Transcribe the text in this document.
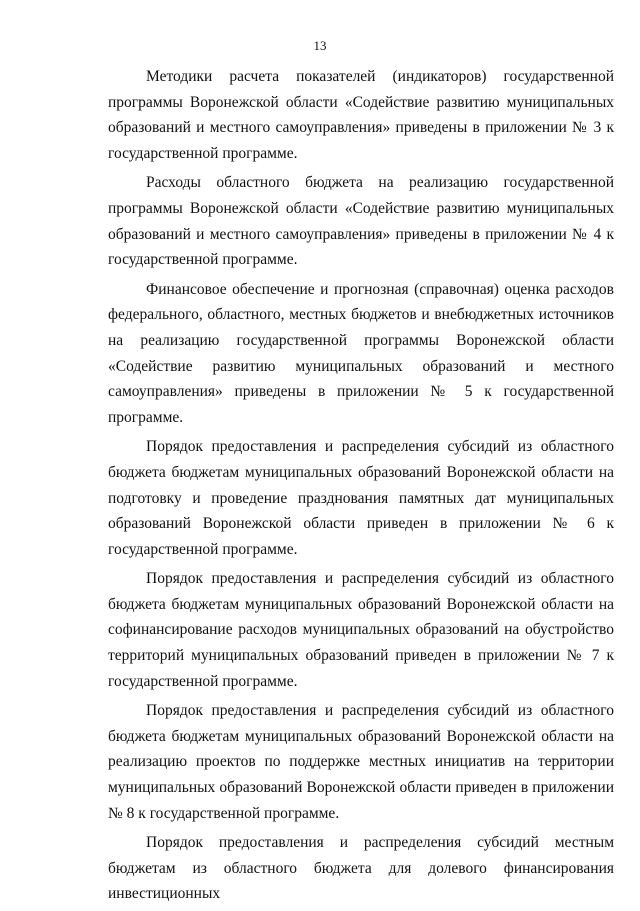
13

Методики расчета показателей (индикаторов) государственной программы Воронежской области «Содействие развитию муниципальных образований и местного самоуправления» приведены в приложении № 3 к государственной программе.

Расходы областного бюджета на реализацию государственной программы Воронежской области «Содействие развитию муниципальных образований и местного самоуправления» приведены в приложении № 4 к государственной программе.

Финансовое обеспечение и прогнозная (справочная) оценка расходов федерального, областного, местных бюджетов и внебюджетных источников на реализацию государственной программы Воронежской области «Содействие развитию муниципальных образований и местного самоуправления» приведены в приложении № 5 к государственной программе.

Порядок предоставления и распределения субсидий из областного бюджета бюджетам муниципальных образований Воронежской области на подготовку и проведение празднования памятных дат муниципальных образований Воронежской области приведен в приложении № 6 к государственной программе.

Порядок предоставления и распределения субсидий из областного бюджета бюджетам муниципальных образований Воронежской области на софинансирование расходов муниципальных образований на обустройство территорий муниципальных образований приведен в приложении № 7 к государственной программе.

Порядок предоставления и распределения субсидий из областного бюджета бюджетам муниципальных образований Воронежской области на реализацию проектов по поддержке местных инициатив на территории муниципальных образований Воронежской области приведен в приложении № 8 к государственной программе.

Порядок предоставления и распределения субсидий местным бюджетам из областного бюджета для долевого финансирования инвестиционных
